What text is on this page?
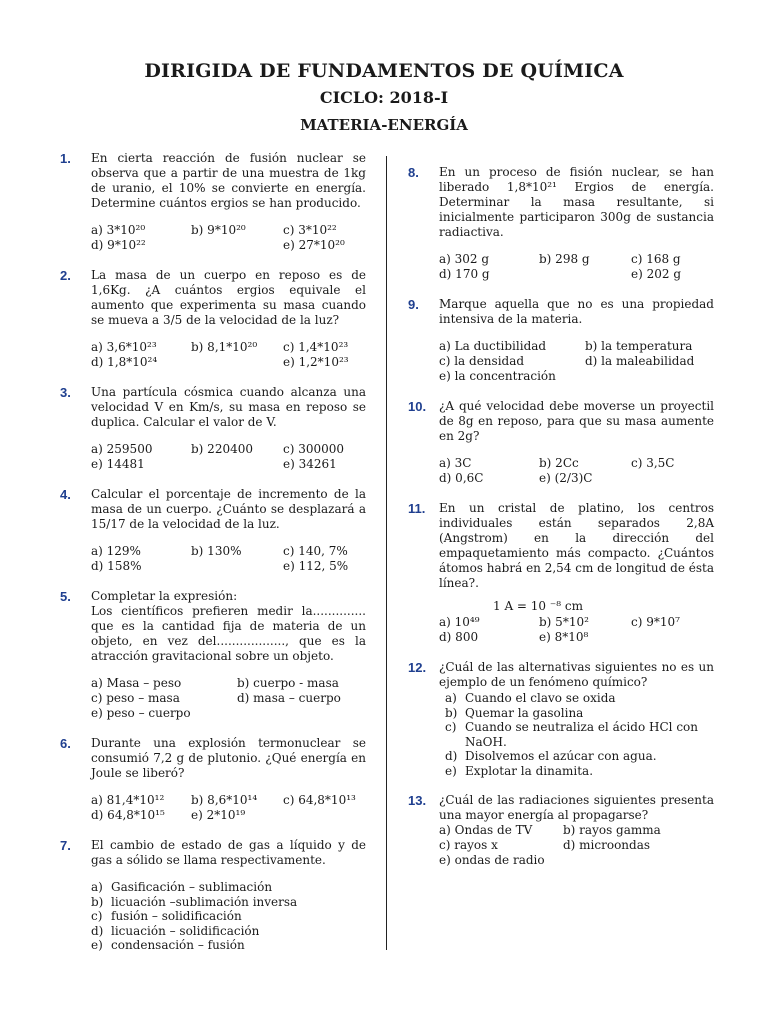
DIRIGIDA DE FUNDAMENTOS DE QUÍMICA
CICLO: 2018-I
MATERIA-ENERGÍA
1. En cierta reacción de fusión nuclear se observa que a partir de una muestra de 1kg de uranio, el 10% se convierte en energía. Determine cuántos ergios se han producido.
a) 3*10²⁰	b) 9*10²⁰	c) 3*10²²
d) 9*10²²	e) 27*10²⁰
2. La masa de un cuerpo en reposo es de 1,6Kg. ¿A cuántos ergios equivale el aumento que experimenta su masa cuando se mueva a 3/5 de la velocidad de la luz?
a) 3,6*10²³	b) 8,1*10²⁰	c) 1,4*10²³
d) 1,8*10²⁴	e) 1,2*10²³
3. Una partícula cósmica cuando alcanza una velocidad V en Km/s, su masa en reposo se duplica. Calcular el valor de V.
a) 259500	b) 220400	c) 300000
e) 14481	e) 34261
4. Calcular el porcentaje de incremento de la masa de un cuerpo. ¿Cuánto se desplazará a 15/17 de la velocidad de la luz.
a) 129%	b) 130%	c) 140, 7%
d) 158%	e) 112, 5%
5. Completar la expresión:
Los científicos prefieren medir la.............. que es la cantidad fija de materia de un objeto, en vez del.................., que es la atracción gravitacional sobre un objeto.
a) Masa – peso	b) cuerpo - masa
c) peso – masa	d) masa – cuerpo
e) peso – cuerpo
6. Durante una explosión termonuclear se consumió 7,2 g de plutonio. ¿Qué energía en Joule se liberó?
a) 81,4*10¹²	b) 8,6*10¹⁴	c) 64,8*10¹³
d) 64,8*10¹⁵	e) 2*10¹⁹
7. El cambio de estado de gas a líquido y de gas a sólido se llama respectivamente.
a) Gasificación – sublimación
b) licuación –sublimación inversa
c) fusión – solidificación
d) licuación – solidificación
e) condensación – fusión
8. En un proceso de fisión nuclear, se han liberado 1,8*10²¹ Ergios de energía. Determinar la masa resultante, si inicialmente participaron 300g de sustancia radiactiva.
a) 302 g	b) 298 g	c) 168 g
d) 170 g	e) 202 g
9. Marque aquella que no es una propiedad intensiva de la materia.
a) La ductibilidad	b) la temperatura
c) la densidad	d) la maleabilidad
e) la concentración
10. ¿A qué velocidad debe moverse un proyectil de 8g en reposo, para que su masa aumente en 2g?
a) 3C	b) 2Cc	c) 3,5C
d) 0,6C	e) (2/3)C
11. En un cristal de platino, los centros individuales están separados 2,8A (Angstrom) en la dirección del empaquetamiento más compacto. ¿Cuántos átomos habrá en 2,54 cm de longitud de ésta línea?.
1 A = 10 ⁻⁸ cm
a) 10⁴⁹	b) 5*10²	c) 9*10⁷
d) 800	e) 8*10⁸
12. ¿Cuál de las alternativas siguientes no es un ejemplo de un fenómeno químico?
a) Cuando el clavo se oxida
b) Quemar la gasolina
c) Cuando se neutraliza el ácido HCl con NaOH.
d) Disolvemos el azúcar con agua.
e) Explotar la dinamita.
13. ¿Cuál de las radiaciones siguientes presenta una mayor energía al propagarse?
a) Ondas de TV	b) rayos gamma
c) rayos x	d) microondas
e) ondas de radio
